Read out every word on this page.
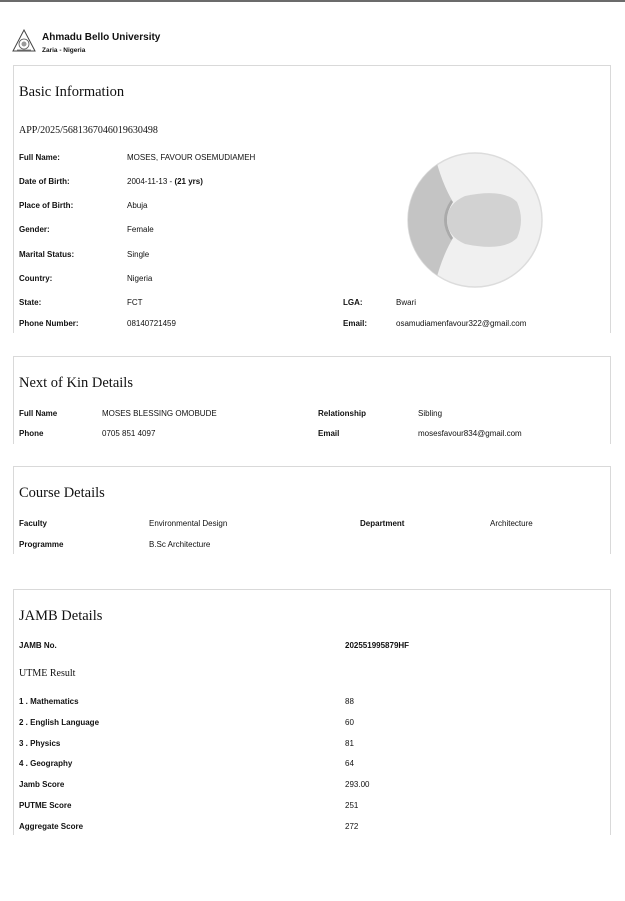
Ahmadu Bello University
Zaria - Nigeria
Basic Information
APP/2025/5681367046019630498
Full Name:	MOSES, FAVOUR OSEMUDIAMEH
Date of Birth:	2004-11-13 - (21 yrs)
Place of Birth:	Abuja
Gender:	Female
Marital Status:	Single
Country:	Nigeria
State:	FCT	LGA:	Bwari
Phone Number:	08140721459	Email:	osamudiamenfavour322@gmail.com
Next of Kin Details
Full Name	MOSES BLESSING OMOBUDE	Relationship	Sibling
Phone	0705 851 4097	Email	mosesfavour834@gmail.com
Course Details
Faculty	Environmental Design	Department	Architecture
Programme	B.Sc Architecture
JAMB Details
JAMB No.	202551995879HF
UTME Result
1 . Mathematics	88
2 . English Language	60
3 . Physics	81
4 . Geography	64
Jamb Score	293.00
PUTME Score	251
Aggregate Score	272
